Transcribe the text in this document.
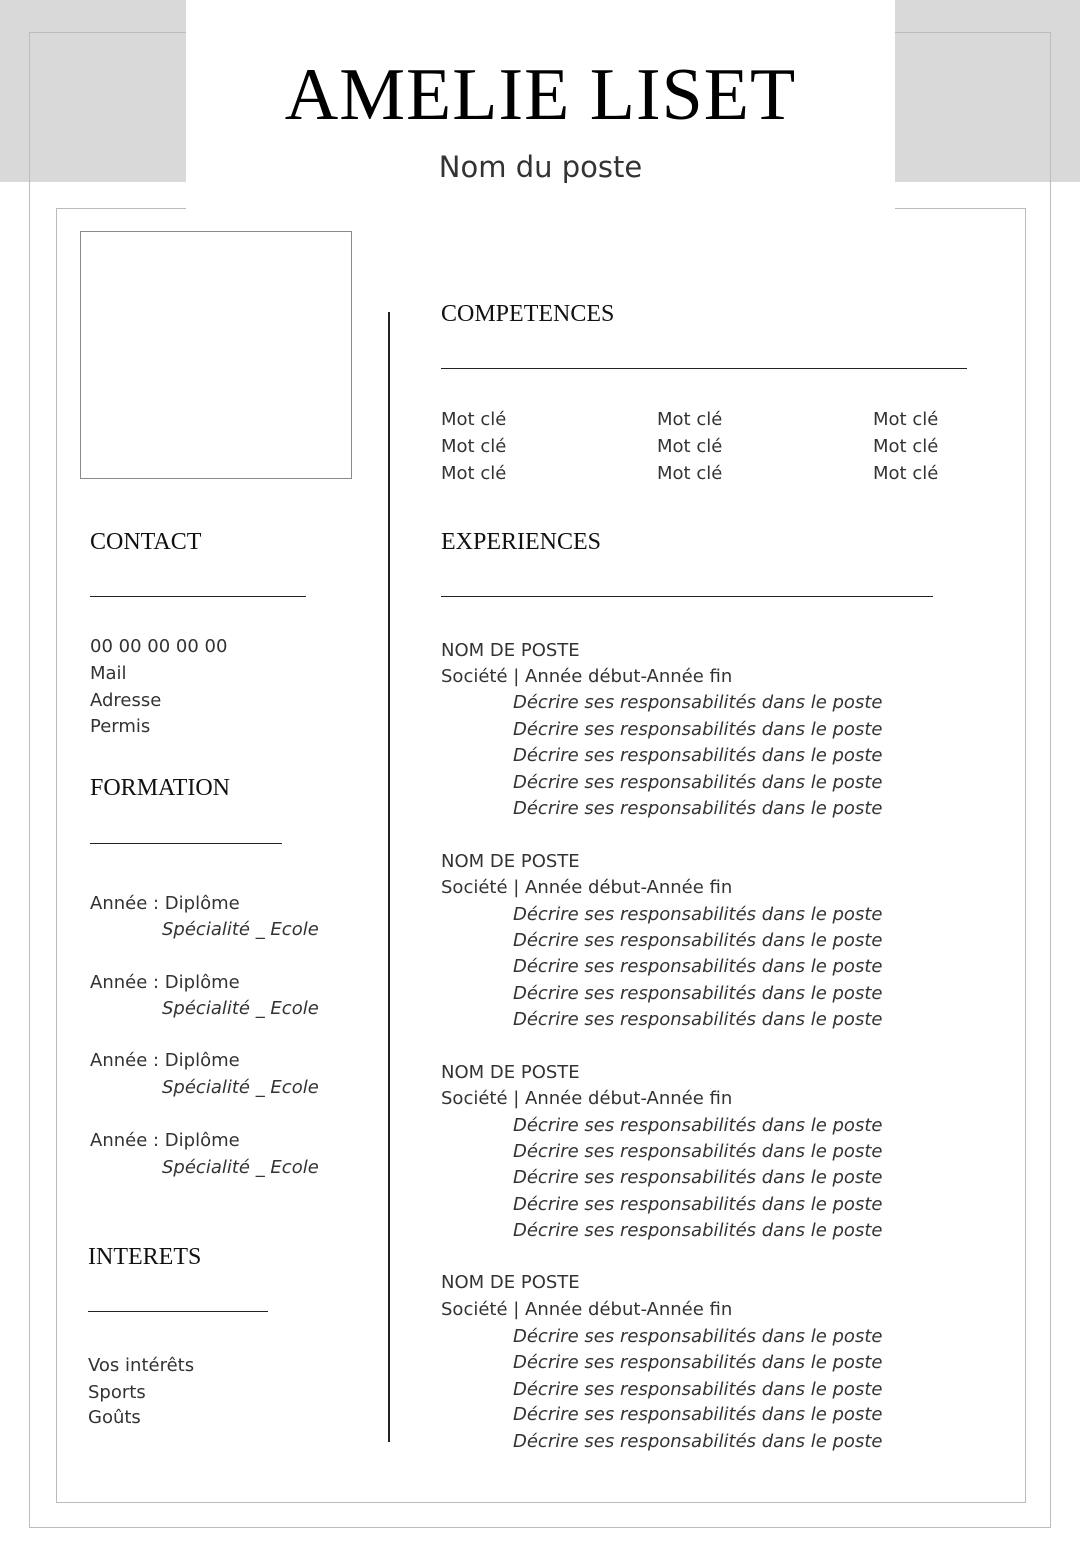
AMELIE LISET
Nom du poste
CONTACT
00 00 00 00 00
Mail
Adresse
Permis
FORMATION
Année : Diplôme
Spécialité _ Ecole
Année : Diplôme
Spécialité _ Ecole
Année : Diplôme
Spécialité _ Ecole
Année : Diplôme
Spécialité _ Ecole
INTERETS
Vos intérêts
Sports
Goûts
COMPETENCES
Mot clé	Mot clé	Mot clé
Mot clé	Mot clé	Mot clé
Mot clé	Mot clé	Mot clé
EXPERIENCES
NOM DE POSTE
Société | Année début-Année fin
Décrire ses responsabilités dans le poste
Décrire ses responsabilités dans le poste
Décrire ses responsabilités dans le poste
Décrire ses responsabilités dans le poste
Décrire ses responsabilités dans le poste
NOM DE POSTE
Société | Année début-Année fin
Décrire ses responsabilités dans le poste
Décrire ses responsabilités dans le poste
Décrire ses responsabilités dans le poste
Décrire ses responsabilités dans le poste
Décrire ses responsabilités dans le poste
NOM DE POSTE
Société | Année début-Année fin
Décrire ses responsabilités dans le poste
Décrire ses responsabilités dans le poste
Décrire ses responsabilités dans le poste
Décrire ses responsabilités dans le poste
Décrire ses responsabilités dans le poste
NOM DE POSTE
Société | Année début-Année fin
Décrire ses responsabilités dans le poste
Décrire ses responsabilités dans le poste
Décrire ses responsabilités dans le poste
Décrire ses responsabilités dans le poste
Décrire ses responsabilités dans le poste
